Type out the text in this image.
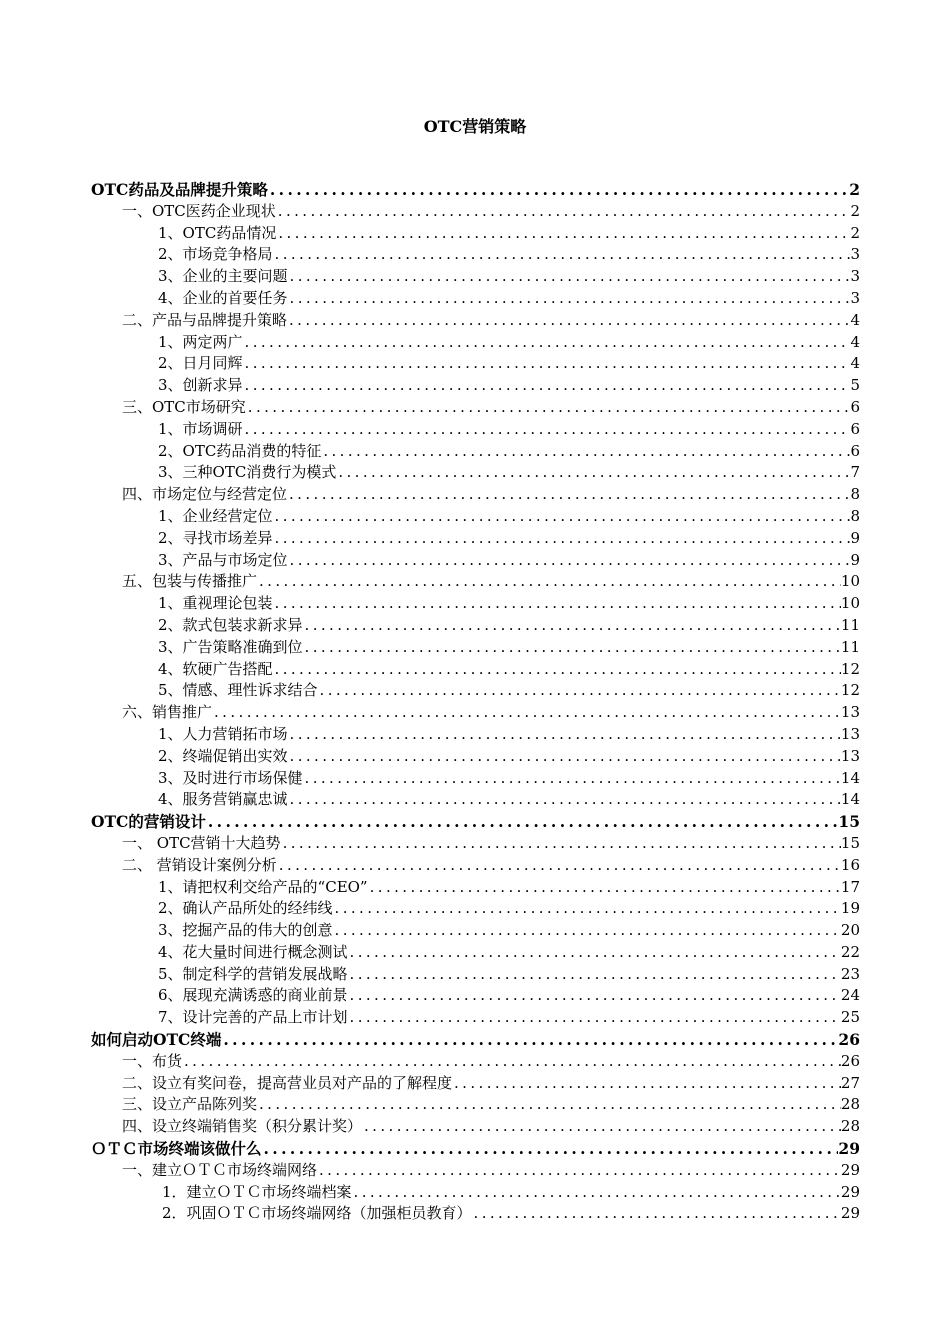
OTC营销策略
OTC药品及品牌提升策略 .....	2
一、OTC医药企业现状 .....	2
1、OTC药品情况 .....	2
2、市场竞争格局 .....	3
3、企业的主要问题 .....	3
4、企业的首要任务 .....	3
二、产品与品牌提升策略 .....	4
1、两定两广 .....	4
2、日月同辉 .....	4
3、创新求异 .....	5
三、OTC市场研究 .....	6
1、市场调研 .....	6
2、OTC药品消费的特征 .....	6
3、三种OTC消费行为模式 .....	7
四、市场定位与经营定位 .....	8
1、企业经营定位 .....	8
2、寻找市场差异 .....	9
3、产品与市场定位 .....	9
五、包装与传播推广 .....	10
1、重视理论包装 .....	10
2、款式包装求新求异 .....	11
3、广告策略准确到位 .....	11
4、软硬广告搭配 .....	12
5、情感、理性诉求结合 .....	12
六、销售推广 .....	13
1、人力营销拓市场 .....	13
2、终端促销出实效 .....	13
3、及时进行市场保健 .....	14
4、服务营销赢忠诚 .....	14
OTC的营销设计 .....	15
一、 OTC营销十大趋势 .....	15
二、 营销设计案例分析 .....	16
1、请把权利交给产品的“CEO” .....	17
2、确认产品所处的经纬线 .....	19
3、挖掘产品的伟大的创意 .....	20
4、花大量时间进行概念测试 .....	22
5、制定科学的营销发展战略 .....	23
6、展现充满诱惑的商业前景 .....	24
7、设计完善的产品上市计划 .....	25
如何启动OTC终端 .....	26
一、布货 .....	26
二、设立有奖问卷，提高营业员对产品的了解程度 .....	27
三、设立产品陈列奖 .....	28
四、设立终端销售奖（积分累计奖） .....	28
ＯＴＣ市场终端该做什么 .....	29
一、建立ＯＴＣ市场终端网络 .....	29
1．建立ＯＴＣ市场终端档案 .....	29
2．巩固ＯＴＣ市场终端网络（加强柜员教育） .....	29
